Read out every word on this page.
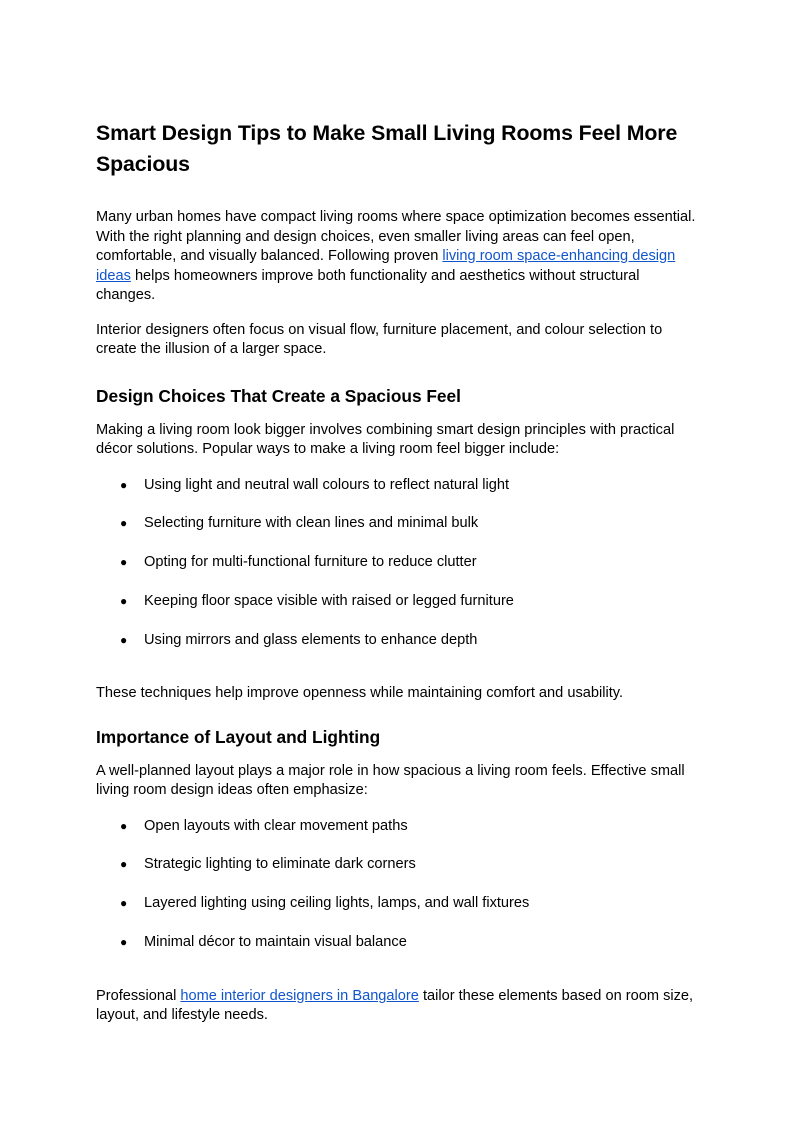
Smart Design Tips to Make Small Living Rooms Feel More Spacious

Many urban homes have compact living rooms where space optimization becomes essential. With the right planning and design choices, even smaller living areas can feel open, comfortable, and visually balanced. Following proven living room space-enhancing design ideas helps homeowners improve both functionality and aesthetics without structural changes.

Interior designers often focus on visual flow, furniture placement, and colour selection to create the illusion of a larger space.

Design Choices That Create a Spacious Feel

Making a living room look bigger involves combining smart design principles with practical décor solutions. Popular ways to make a living room feel bigger include:

● Using light and neutral wall colours to reflect natural light
● Selecting furniture with clean lines and minimal bulk
● Opting for multi-functional furniture to reduce clutter
● Keeping floor space visible with raised or legged furniture
● Using mirrors and glass elements to enhance depth

These techniques help improve openness while maintaining comfort and usability.

Importance of Layout and Lighting

A well-planned layout plays a major role in how spacious a living room feels. Effective small living room design ideas often emphasize:

● Open layouts with clear movement paths
● Strategic lighting to eliminate dark corners
● Layered lighting using ceiling lights, lamps, and wall fixtures
● Minimal décor to maintain visual balance

Professional home interior designers in Bangalore tailor these elements based on room size, layout, and lifestyle needs.
